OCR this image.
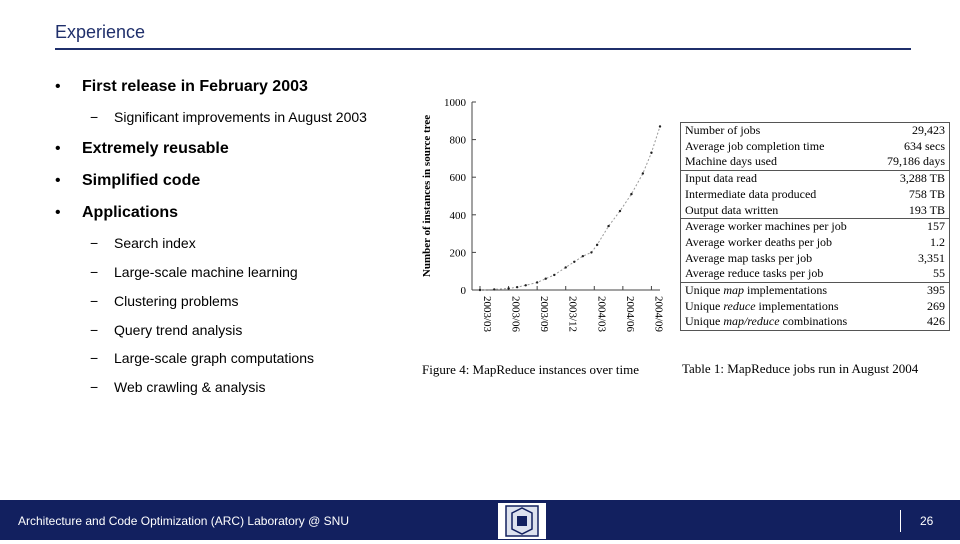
Experience
• First release in February 2003
− Significant improvements in August 2003
• Extremely reusable
• Simplified code
• Applications
− Search index
− Large-scale machine learning
− Clustering problems
− Query trend analysis
− Large-scale graph computations
− Web crawling & analysis
0
200
400
600
800
1000
2003/03 2003/06 2003/09 2003/12 2004/03 2004/06 2004/09
Number of instances in source tree
Figure 4: MapReduce instances over time
Number of jobs	29,423
Average job completion time	634 secs
Machine days used	79,186 days
Input data read	3,288 TB
Intermediate data produced	758 TB
Output data written	193 TB
Average worker machines per job	157
Average worker deaths per job	1.2
Average map tasks per job	3,351
Average reduce tasks per job	55
Unique map implementations	395
Unique reduce implementations	269
Unique map/reduce combinations	426
Table 1: MapReduce jobs run in August 2004
Architecture and Code Optimization (ARC) Laboratory @ SNU	26
